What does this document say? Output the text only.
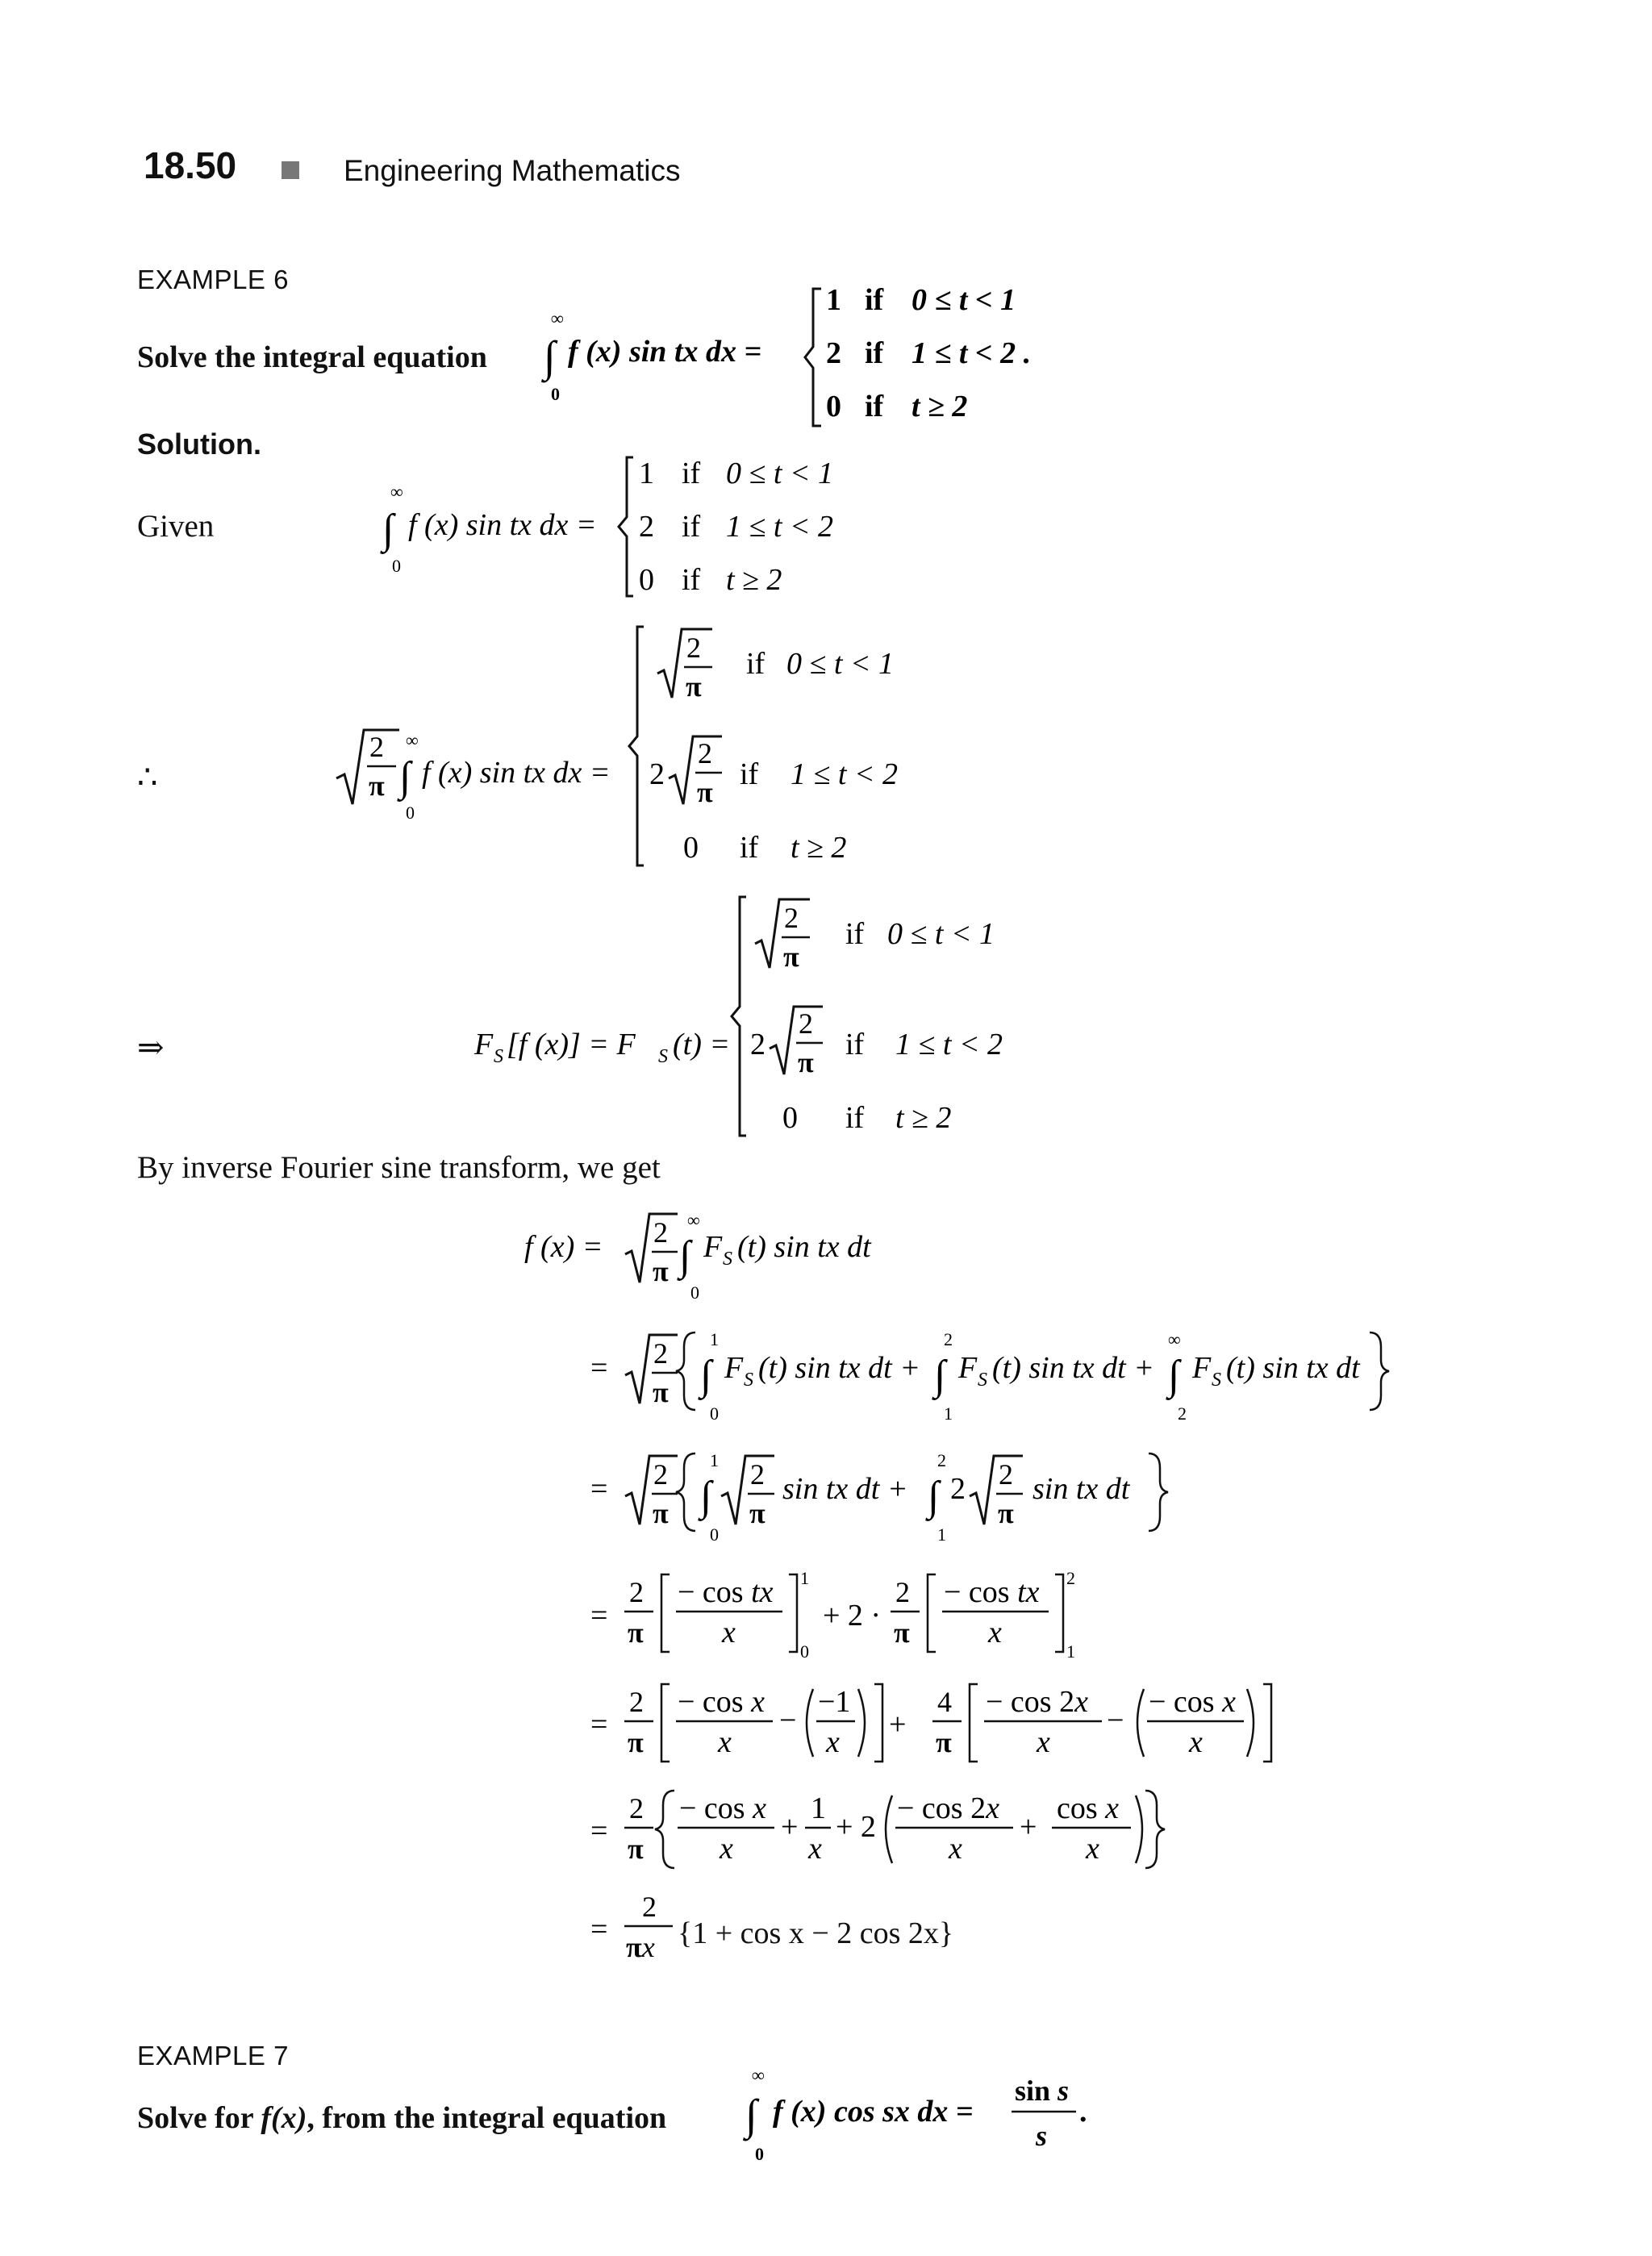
18.50	Engineering Mathematics
EXAMPLE 6
Solve the integral equation
∞
∫
0
f (x) sin tx dx =
1 if 0 ≤ t < 1
2 if 1 ≤ t < 2 .
0 if t ≥ 2
Solution.
Given
∞
∫
0
f (x) sin tx dx =
1 if 0 ≤ t < 1
2 if 1 ≤ t < 2
0 if t ≥ 2
∴
2
π
∞
∫
0
f (x) sin tx dx =
2
π
if 0 ≤ t < 1
2
2
π
if 1 ≤ t < 2
0 if t ≥ 2
⇒	F S [f (x)] = F S (t) =
2
π
if 0 ≤ t < 1
2
2
π
if 1 ≤ t < 2
0 if t ≥ 2
By inverse Fourier sine transform, we get
f (x) = 2
π
∞
∫
0
F S (t) sin tx dt
= 2
π
1
∫
0
F S (t) sin tx dt +
2
∫
1
F S (t) sin tx dt +
∞
∫
2
F S (t) sin tx dt
= 2
π
1
∫
0
2
π
sin tx dt +
2
∫
1
2 2
π
sin tx dt
=
2
π
− cos tx
x
1
0
+ 2 ·
2
π
− cos tx
x
2
1
=
2
π
− cos x
x
−
−1
x
+
4
π
− cos 2x
x
−
− cos x
x
=
2
π
− cos x
x
+
1
x
+ 2
− cos 2x
x
+
cos x
x
=
2
πx {1 + cos x − 2 cos 2x}
EXAMPLE 7
Solve for f(x), from the integral equation
∞
∫
0
f (x) cos sx dx =
sin s
s
.
